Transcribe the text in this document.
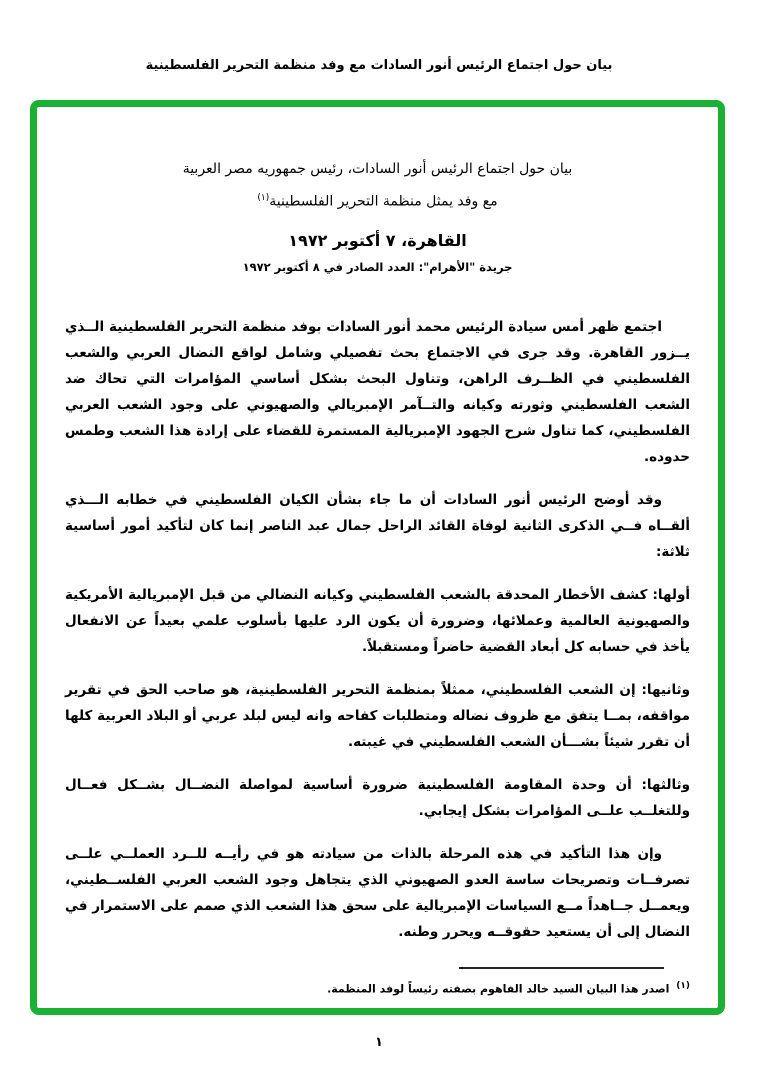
بيان حول اجتماع الرئيس أنور السادات مع وفد منظمة التحرير الفلسطينية
بيان حول اجتماع الرئيس أنور السادات، رئيس جمهوريه مصر العربية
مع وفد يمثل منظمة التحرير الفلسطينية$^{(١)}$
القاهرة، ٧ أكتوبر ١٩٧٢
جريدة "الأهرام": العدد الصادر في ٨ أكتوبر ١٩٧٢
اجتمع ظهر أمس سيادة الرئيس محمد أنور السادات بوفد منظمة التحرير الفلسطينية الــذي يــزور القاهرة. وقد جرى في الاجتماع بحث تفصيلي وشامل لواقع النضال العربي والشعب الفلسطيني في الظــرف الراهن، وتناول البحث بشكل أساسي المؤامرات التي تحاك ضد الشعب الفلسطيني وثورته وكيانه والتــآمر الإمبريالي والصهيوني على وجود الشعب العربي الفلسطيني، كما تناول شرح الجهود الإمبريالية المستمرة للقضاء على إرادة هذا الشعب وطمس حدوده.
وقد أوضح الرئيس أنور السادات أن ما جاء بشأن الكيان الفلسطيني في خطابه الـــذي ألقــاه فــي الذكرى الثانية لوفاة القائد الراحل جمال عبد الناصر إنما كان لتأكيد أمور أساسية ثلاثة:
أولها: كشف الأخطار المحدقة بالشعب الفلسطيني وكيانه النضالي من قبل الإمبريالية الأمريكية والصهيونية العالمية وعملائها، وضرورة أن يكون الرد عليها بأسلوب علمي بعيداً عن الانفعال يأخذ في حسابه كل أبعاد القضية حاضراً ومستقبلاً.
وثانيها: إن الشعب الفلسطيني، ممثلاً بمنظمة التحرير الفلسطينية، هو صاحب الحق في تقرير مواقفه، بمــا يتفق مع ظروف نضاله ومتطلبات كفاحه وانه ليس لبلد عربي أو البلاد العربية كلها أن تقرر شيئاً بشـــأن الشعب الفلسطيني في غيبته.
وثالثها: أن وحدة المقاومة الفلسطينية ضرورة أساسية لمواصلة النضــال بشــكل فعــال وللتغلــب علــى المؤامرات بشكل إيجابي.
وإن هذا التأكيد في هذه المرحلة بالذات من سيادته هو في رأيــه للــرد العملــي علــى تصرفــات وتصريحات ساسة العدو الصهيوني الذي يتجاهل وجود الشعب العربي الفلســطيني، ويعمــل جــاهداً مــع السياسات الإمبريالية على سحق هذا الشعب الذي صمم على الاستمرار في النضال إلى أن يستعيد حقوقــه ويحرر وطنه.
$^{(١)}$ اصدر هذا البيان السيد خالد الفاهوم بصفته رئيساً لوفد المنظمة.
١
